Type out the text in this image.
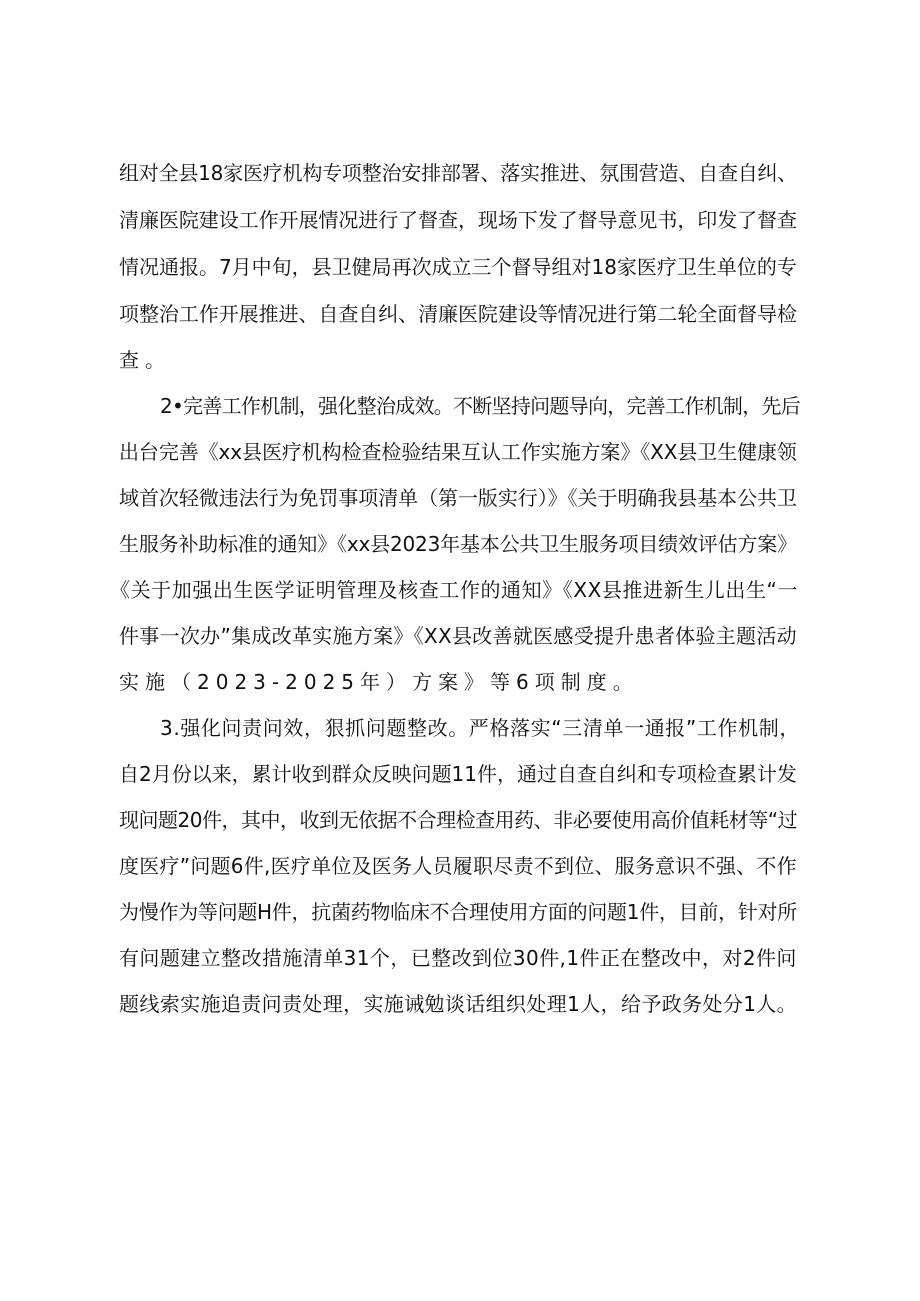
组对全县18家医疗机构专项整治安排部署、落实推进、氛围营造、自查自纠、
清廉医院建设工作开展情况进行了督查，现场下发了督导意见书，印发了督查
情况通报。7月中旬，县卫健局再次成立三个督导组对18家医疗卫生单位的专
项整治工作开展推进、自查自纠、清廉医院建设等情况进行第二轮全面督导检
查。
2•完善工作机制，强化整治成效。不断坚持问题导向，完善工作机制，先后
出台完善《xx县医疗机构检查检验结果互认工作实施方案》《XX县卫生健康领
域首次轻微违法行为免罚事项清单（第一版实行）》《关于明确我县基本公共卫
生服务补助标准的通知》《xx县2023年基本公共卫生服务项目绩效评估方案》
《关于加强出生医学证明管理及核查工作的通知》《XX县推进新生儿出生“一
件事一次办”集成改革实施方案》《XX县改善就医感受提升患者体验主题活动
实施（2023-2025年）方案》等6项制度。
3.强化问责问效，狠抓问题整改。严格落实“三清单一通报”工作机制，
自2月份以来，累计收到群众反映问题11件，通过自查自纠和专项检查累计发
现问题20件，其中，收到无依据不合理检查用药、非必要使用高价值耗材等“过
度医疗”问题6件,医疗单位及医务人员履职尽责不到位、服务意识不强、不作
为慢作为等问题H件，抗菌药物临床不合理使用方面的问题1件，目前，针对所
有问题建立整改措施清单31个，已整改到位30件,1件正在整改中，对2件问
题线索实施追责问责处理，实施诫勉谈话组织处理1人，给予政务处分1人。
